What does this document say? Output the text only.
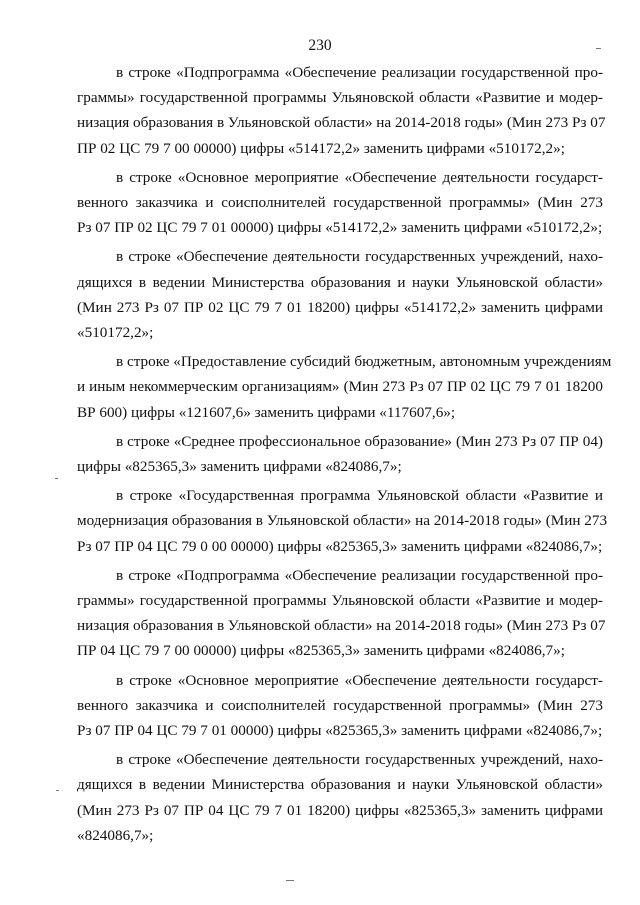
230

в строке «Подпрограмма «Обеспечение реализации государственной про-
граммы» государственной программы Ульяновской области «Развитие и модер-
низация образования в Ульяновской области» на 2014-2018 годы» (Мин 273 Рз 07
ПР 02 ЦС 79 7 00 00000) цифры «514172,2» заменить цифрами «510172,2»;

в строке «Основное мероприятие «Обеспечение деятельности государст-
венного заказчика и соисполнителей государственной программы» (Мин 273
Рз 07 ПР 02 ЦС 79 7 01 00000) цифры «514172,2» заменить цифрами «510172,2»;

в строке «Обеспечение деятельности государственных учреждений, нахо-
дящихся в ведении Министерства образования и науки Ульяновской области»
(Мин 273 Рз 07 ПР 02 ЦС 79 7 01 18200) цифры «514172,2» заменить цифрами
«510172,2»;

в строке «Предоставление субсидий бюджетным, автономным учреждениям
и иным некоммерческим организациям» (Мин 273 Рз 07 ПР 02 ЦС 79 7 01 18200
ВР 600) цифры «121607,6» заменить цифрами «117607,6»;

в строке «Среднее профессиональное образование» (Мин 273 Рз 07 ПР 04)
цифры «825365,3» заменить цифрами «824086,7»;

в строке «Государственная программа Ульяновской области «Развитие и
модернизация образования в Ульяновской области» на 2014-2018 годы» (Мин 273
Рз 07 ПР 04 ЦС 79 0 00 00000) цифры «825365,3» заменить цифрами «824086,7»;

в строке «Подпрограмма «Обеспечение реализации государственной про-
граммы» государственной программы Ульяновской области «Развитие и модер-
низация образования в Ульяновской области» на 2014-2018 годы» (Мин 273 Рз 07
ПР 04 ЦС 79 7 00 00000) цифры «825365,3» заменить цифрами «824086,7»;

в строке «Основное мероприятие «Обеспечение деятельности государст-
венного заказчика и соисполнителей государственной программы» (Мин 273
Рз 07 ПР 04 ЦС 79 7 01 00000) цифры «825365,3» заменить цифрами «824086,7»;

в строке «Обеспечение деятельности государственных учреждений, нахо-
дящихся в ведении Министерства образования и науки Ульяновской области»
(Мин 273 Рз 07 ПР 04 ЦС 79 7 01 18200) цифры «825365,3» заменить цифрами
«824086,7»;
